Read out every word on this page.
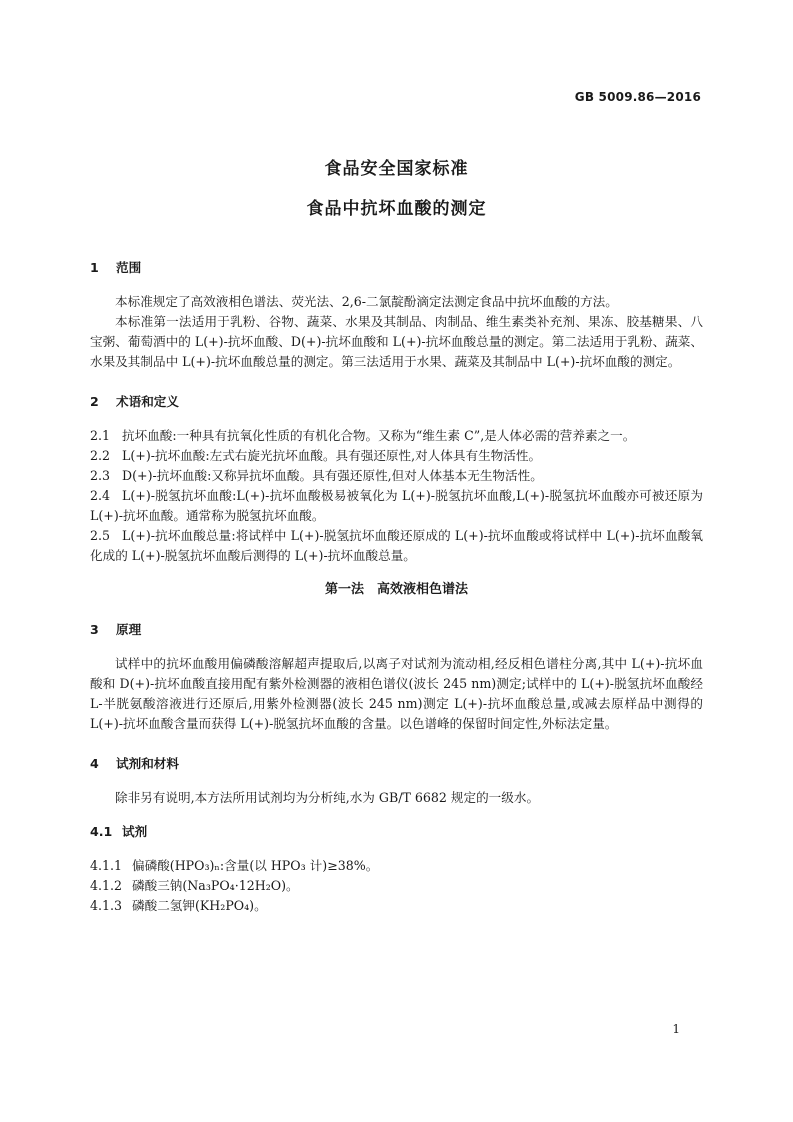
GB 5009.86—2016
食品安全国家标准
食品中抗坏血酸的测定
1 范围

本标准规定了高效液相色谱法、荧光法、2,6-二氯靛酚滴定法测定食品中抗坏血酸的方法。

本标准第一法适用于乳粉、谷物、蔬菜、水果及其制品、肉制品、维生素类补充剂、果冻、胶基糖果、八宝粥、葡萄酒中的 L(+)-抗坏血酸、D(+)-抗坏血酸和 L(+)-抗坏血酸总量的测定。第二法适用于乳粉、蔬菜、水果及其制品中 L(+)-抗坏血酸总量的测定。第三法适用于水果、蔬菜及其制品中 L(+)-抗坏血酸的测定。

2 术语和定义

2.1 抗坏血酸:一种具有抗氧化性质的有机化合物。又称为“维生素 C”,是人体必需的营养素之一。

2.2 L(+)-抗坏血酸:左式右旋光抗坏血酸。具有强还原性,对人体具有生物活性。

2.3 D(+)-抗坏血酸:又称异抗坏血酸。具有强还原性,但对人体基本无生物活性。

2.4 L(+)-脱氢抗坏血酸:L(+)-抗坏血酸极易被氧化为 L(+)-脱氢抗坏血酸,L(+)-脱氢抗坏血酸亦可被还原为 L(+)-抗坏血酸。通常称为脱氢抗坏血酸。

2.5 L(+)-抗坏血酸总量:将试样中 L(+)-脱氢抗坏血酸还原成的 L(+)-抗坏血酸或将试样中 L(+)-抗坏血酸氧化成的 L(+)-脱氢抗坏血酸后测得的 L(+)-抗坏血酸总量。

第一法　高效液相色谱法
3 原理

试样中的抗坏血酸用偏磷酸溶解超声提取后,以离子对试剂为流动相,经反相色谱柱分离,其中 L(+)-抗坏血酸和 D(+)-抗坏血酸直接用配有紫外检测器的液相色谱仪(波长 245 nm)测定;试样中的 L(+)-脱氢抗坏血酸经 L-半胱氨酸溶液进行还原后,用紫外检测器(波长 245 nm)测定 L(+)-抗坏血酸总量,或减去原样品中测得的 L(+)-抗坏血酸含量而获得 L(+)-脱氢抗坏血酸的含量。以色谱峰的保留时间定性,外标法定量。

4 试剂和材料

除非另有说明,本方法所用试剂均为分析纯,水为 GB/T 6682 规定的一级水。

4.1 试剂

4.1.1 偏磷酸(HPO₃)ₙ:含量(以 HPO₃ 计)≥38%。

4.1.2 磷酸三钠(Na₃PO₄·12H₂O)。

4.1.3 磷酸二氢钾(KH₂PO₄)。

1
